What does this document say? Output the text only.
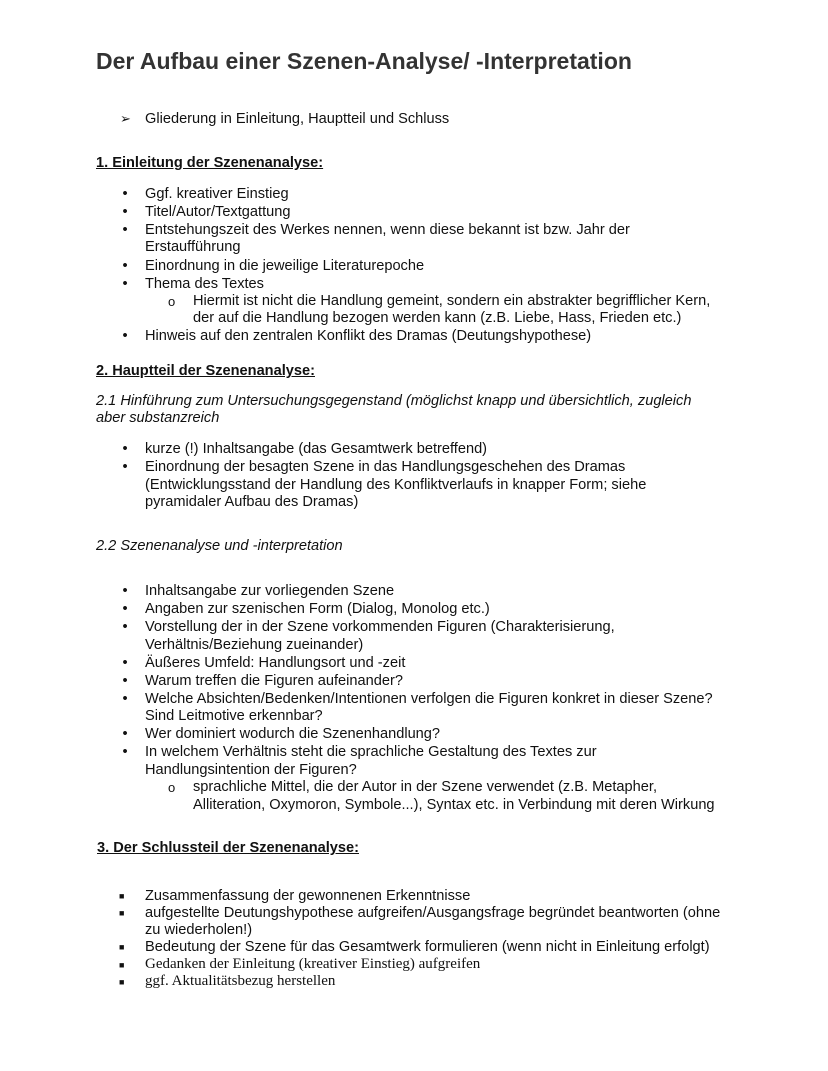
Der Aufbau einer Szenen-Analyse/ -Interpretation
➢ Gliederung in Einleitung, Hauptteil und Schluss
1. Einleitung der Szenenanalyse:
•	Ggf. kreativer Einstieg
•	Titel/Autor/Textgattung
•	Entstehungszeit des Werkes nennen, wenn diese bekannt ist bzw. Jahr der
Erstaufführung
•	Einordnung in die jeweilige Literaturepoche
•	Thema des Textes
o Hiermit ist nicht die Handlung gemeint, sondern ein abstrakter begrifflicher Kern,
der auf die Handlung bezogen werden kann (z.B. Liebe, Hass, Frieden etc.)
•	Hinweis auf den zentralen Konflikt des Dramas (Deutungshypothese)
2. Hauptteil der Szenenanalyse:
2.1 Hinführung zum Untersuchungsgegenstand (möglichst knapp und übersichtlich, zugleich
aber substanzreich
•	kurze (!) Inhaltsangabe (das Gesamtwerk betreffend)
•	Einordnung der besagten Szene in das Handlungsgeschehen des Dramas
(Entwicklungsstand der Handlung des Konfliktverlaufs in knapper Form; siehe
pyramidaler Aufbau des Dramas)
2.2 Szenenanalyse und -interpretation
•	Inhaltsangabe zur vorliegenden Szene
•	Angaben zur szenischen Form (Dialog, Monolog etc.)
•	Vorstellung der in der Szene vorkommenden Figuren (Charakterisierung,
Verhältnis/Beziehung zueinander)
•	Äußeres Umfeld: Handlungsort und -zeit
•	Warum treffen die Figuren aufeinander?
•	Welche Absichten/Bedenken/Intentionen verfolgen die Figuren konkret in dieser Szene?
Sind Leitmotive erkennbar?
•	Wer dominiert wodurch die Szenenhandlung?
•	In welchem Verhältnis steht die sprachliche Gestaltung des Textes zur
Handlungsintention der Figuren?
o sprachliche Mittel, die der Autor in der Szene verwendet (z.B. Metapher,
Alliteration, Oxymoron, Symbole...), Syntax etc. in Verbindung mit deren Wirkung
3. Der Schlussteil der Szenenanalyse:
■ Zusammenfassung der gewonnenen Erkenntnisse
■ aufgestellte Deutungshypothese aufgreifen/Ausgangsfrage begründet beantworten (ohne
zu wiederholen!)
■ Bedeutung der Szene für das Gesamtwerk formulieren (wenn nicht in Einleitung erfolgt)
■ Gedanken der Einleitung (kreativer Einstieg) aufgreifen
■ ggf. Aktualitätsbezug herstellen
